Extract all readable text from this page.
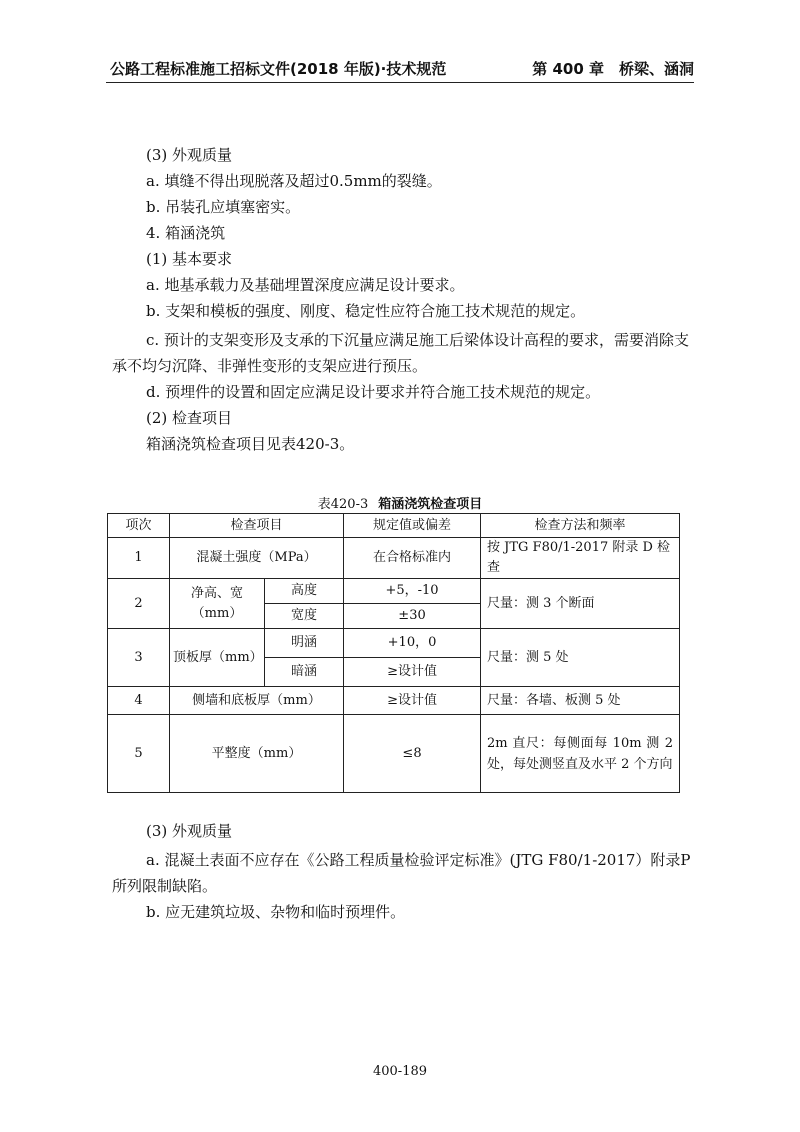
公路工程标准施工招标文件(2018 年版)·技术规范	第 400 章　桥梁、涵洞

(3) 外观质量

a. 填缝不得出现脱落及超过0.5mm的裂缝。

b. 吊装孔应填塞密实。

4. 箱涵浇筑

(1) 基本要求

a. 地基承载力及基础埋置深度应满足设计要求。

b. 支架和模板的强度、刚度、稳定性应符合施工技术规范的规定。

c. 预计的支架变形及支承的下沉量应满足施工后梁体设计高程的要求，需要消除支承不均匀沉降、非弹性变形的支架应进行预压。

d. 预埋件的设置和固定应满足设计要求并符合施工技术规范的规定。

(2) 检查项目

箱涵浇筑检查项目见表420-3。

表420-3 箱涵浇筑检查项目
项次	检查项目		规定值或偏差	检查方法和频率
1	混凝土强度（MPa）		在合格标准内	按 JTG F80/1-2017 附录 D 检查
2	净高、宽
（mm）	高度	+5，-10	尺量：测 3 个断面
		宽度	±30	
3	顶板厚（mm）	明涵	+10，0	尺量：测 5 处
		暗涵	≥设计值	
4	侧墙和底板厚（mm）		≥设计值	尺量：各墙、板测 5 处
5	平整度（mm）		≤8	2m 直尺：每侧面每 10m 测 2 处，每处测竖直及水平 2 个方向

(3) 外观质量

a. 混凝土表面不应存在《公路工程质量检验评定标准》(JTG F80/1-2017）附录P所列限制缺陷。

b. 应无建筑垃圾、杂物和临时预埋件。

400-189
